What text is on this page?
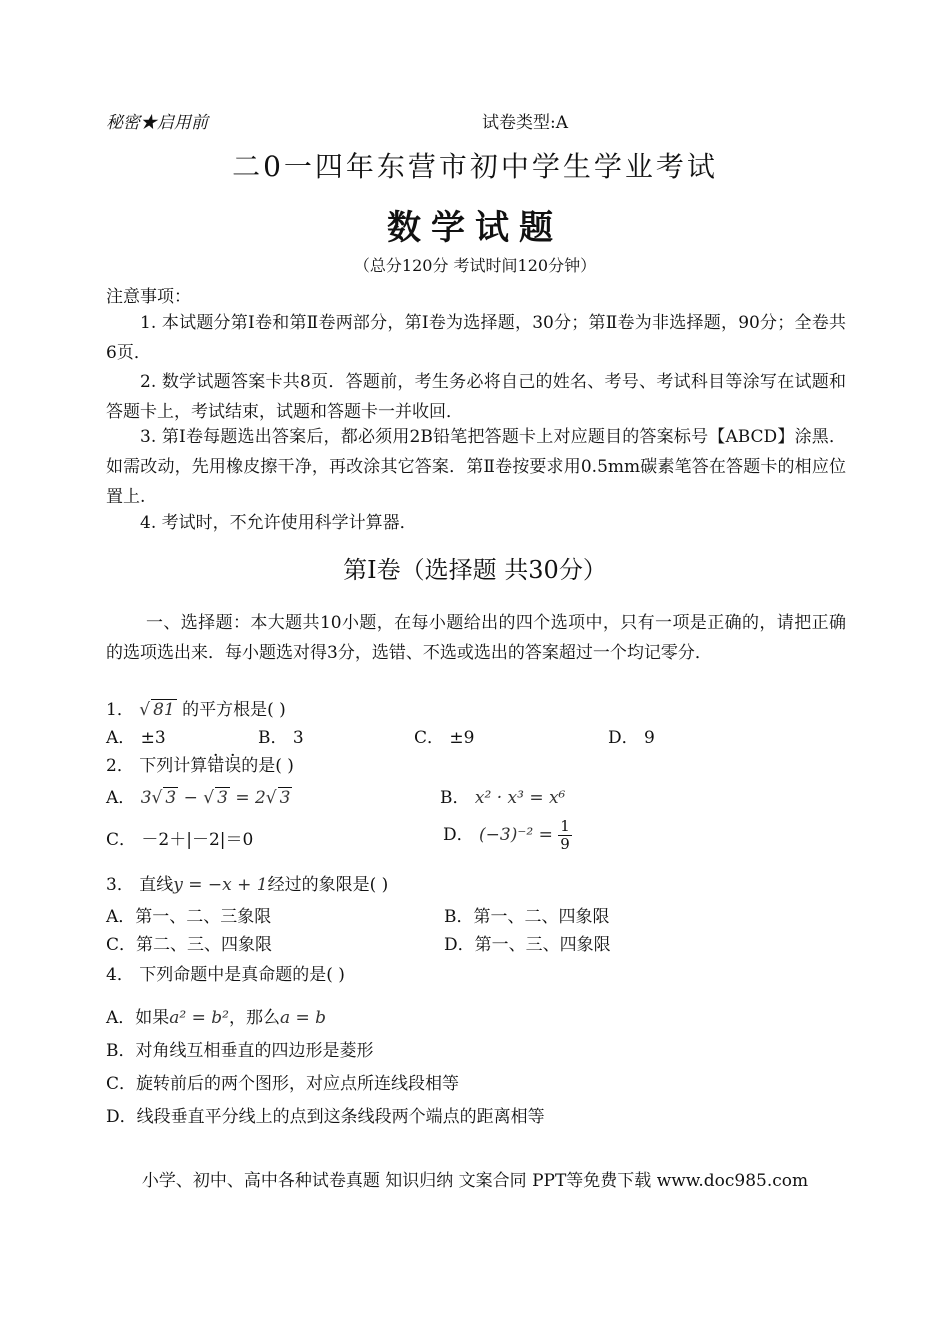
秘密★启用前	试卷类型:A
二0一四年东营市初中学生学业考试
数学试题
（总分120分 考试时间120分钟）
注意事项：
1. 本试题分第Ⅰ卷和第Ⅱ卷两部分，第Ⅰ卷为选择题，30分；第Ⅱ卷为非选择题，90分；全卷共6页．
2. 数学试题答案卡共8页．答题前，考生务必将自己的姓名、考号、考试科目等涂写在试题和答题卡上，考试结束，试题和答题卡一并收回．
3. 第Ⅰ卷每题选出答案后，都必须用2B铅笔把答题卡上对应题目的答案标号【ABCD】涂黑．如需改动，先用橡皮擦干净，再改涂其它答案．第Ⅱ卷按要求用0.5mm碳素笔答在答题卡的相应位置上.
4. 考试时，不允许使用科学计算器．
第Ⅰ卷（选择题 共30分）
一、选择题：本大题共10小题，在每小题给出的四个选项中，只有一项是正确的，请把正确的选项选出来．每小题选对得3分，选错、不选或选出的答案超过一个均记零分．
1． √ 81 的平方根是( )
A． ±3	B． 3	C． ±9	D． 9
2． 下列计算错误的是( )
A． 3√ 3 − √ 3 = 2√ 3	B． x² · x³ = x⁶
C． －2＋|－2|＝0	D． $(-3)^{-2} = \frac{1}{9}$
3． 直线y = −x + 1经过的象限是( )
A．第一、二、三象限	B．第一、二、四象限
C．第二、三、四象限	D．第一、三、四象限
4． 下列命题中是真命题的是( )
A．如果a² = b²，那么a = b
B．对角线互相垂直的四边形是菱形
C．旋转前后的两个图形，对应点所连线段相等
D．线段垂直平分线上的点到这条线段两个端点的距离相等
小学、初中、高中各种试卷真题 知识归纳 文案合同 PPT等免费下载 www.doc985.com
